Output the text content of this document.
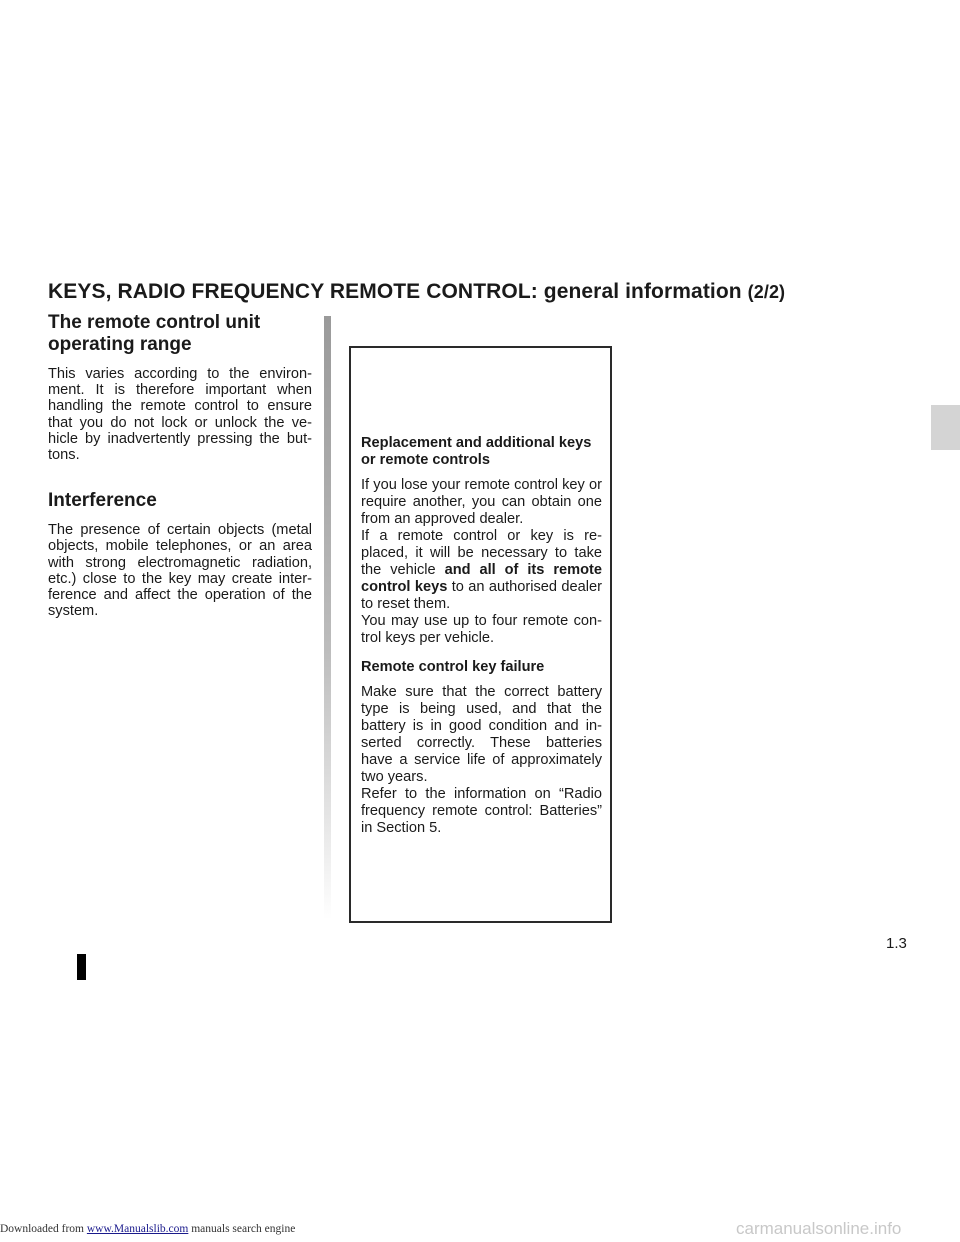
KEYS, RADIO FREQUENCY REMOTE CONTROL: general information (2/2)
The remote control unit operating range

This varies according to the environ- ment. It is therefore important when handling the remote control to ensure that you do not lock or unlock the ve- hicle by inadvertently pressing the but- tons.

Interference

The presence of certain objects (metal objects, mobile telephones, or an area with strong electromagnetic radiation, etc.) close to the key may create inter- ference and affect the operation of the system.

Replacement and additional keys or remote controls

If you lose your remote control key or require another, you can obtain one from an approved dealer.
If a remote control or key is re- placed, it will be necessary to take the vehicle and all of its remote control keys to an authorised dealer to reset them.
You may use up to four remote con- trol keys per vehicle.

Remote control key failure

Make sure that the correct battery type is being used, and that the battery is in good condition and in- serted correctly. These batteries have a service life of approximately two years.
Refer to the information on “Radio frequency remote control: Batteries” in Section 5.

1.3
Downloaded from www.Manualslib.com manuals search engine	carmanualsonline.info
